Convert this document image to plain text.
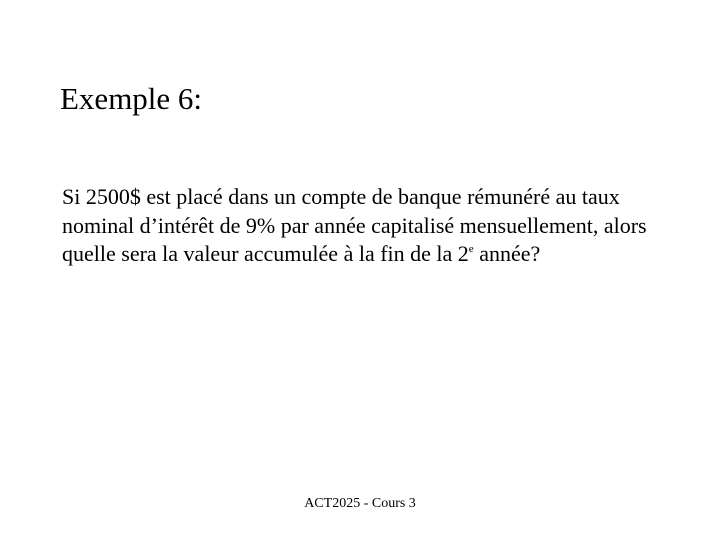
Exemple 6:
Si 2500$ est placé dans un compte de banque rémunéré au taux nominal d’intérêt de 9% par année capitalisé mensuellement, alors quelle sera la valeur accumulée à la fin de la 2e année?
ACT2025 - Cours 3
